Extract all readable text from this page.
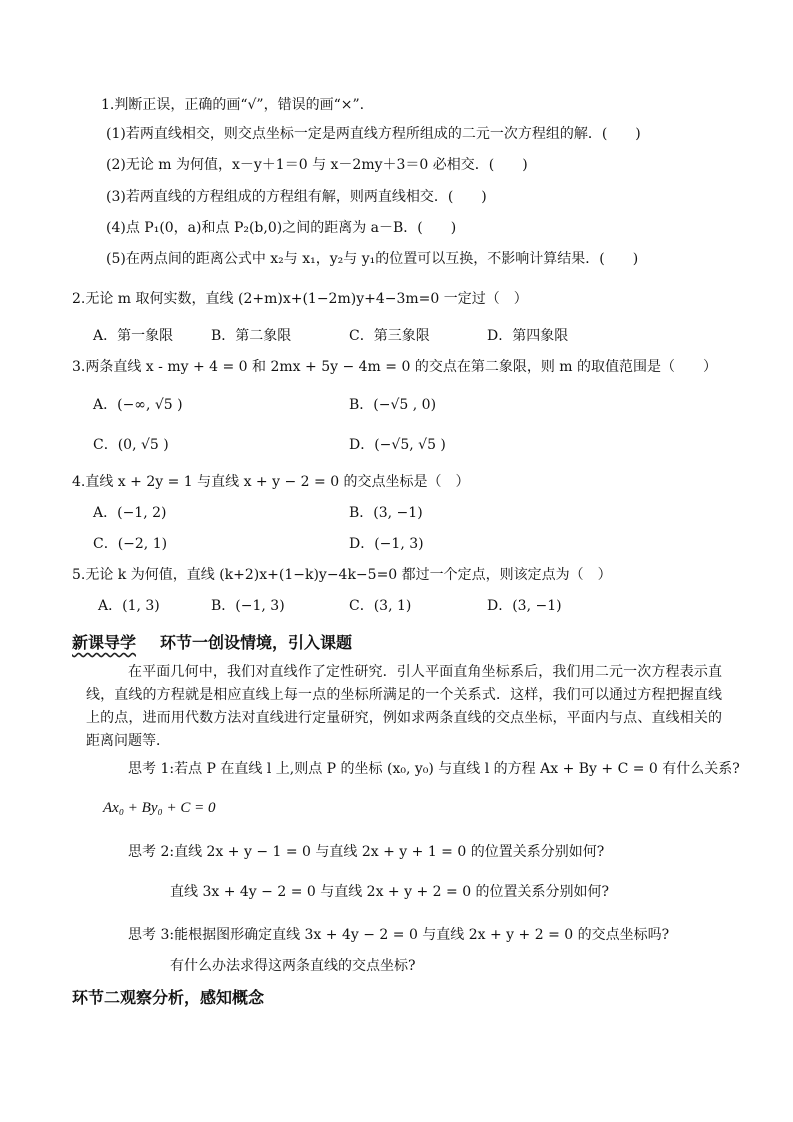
1.判断正误，正确的画“√”，错误的画“×”.
(1)若两直线相交，则交点坐标一定是两直线方程所组成的二元一次方程组的解．(　　)
(2)无论 m 为何值，x－y＋1＝0 与 x－2my＋3＝0 必相交．(　　)
(3)若两直线的方程组成的方程组有解，则两直线相交．(　　)
(4)点 P₁(0，a)和点 P₂(b,0)之间的距离为 a－B．(　　)
(5)在两点间的距离公式中 x₂与 x₁，y₂与 y₁的位置可以互换，不影响计算结果．(　　)
2.无论 m 取何实数，直线 (2+m)x+(1−2m)y+4−3m=0 一定过（　）
A．第一象限	B．第二象限	C．第三象限	D．第四象限
3.两条直线 x - my + 4 = 0 和 2mx + 5y − 4m = 0 的交点在第二象限，则 m 的取值范围是（　　）
A．(−∞, √5 )	B．(−√5 , 0)
C．(0, √5 )	D．(−√5, √5 )
4.直线 x + 2y = 1 与直线 x + y − 2 = 0 的交点坐标是（　）
A．(−1, 2)	B．(3, −1)
C．(−2, 1)	D．(−1, 3)
5.无论 k 为何值，直线 (k+2)x+(1−k)y−4k−5=0 都过一个定点，则该定点为（　）
A．(1, 3)	B．(−1, 3)	C．(3, 1)	D．(3, −1)
新课导学 环节一创设情境，引入课题
在平面几何中，我们对直线作了定性研究．引人平面直角坐标系后，我们用二元一次方程表示直线，直线的方程就是相应直线上每一点的坐标所满足的一个关系式．这样，我们可以通过方程把握直线上的点，进而用代数方法对直线进行定量研究，例如求两条直线的交点坐标，平面内与点、直线相关的距离问题等．
思考 1:若点 P 在直线 l 上,则点 P 的坐标 (x₀, y₀) 与直线 l 的方程 Ax + By + C = 0 有什么关系?
Ax₀ + By₀ + C = 0
思考 2:直线 2x + y − 1 = 0 与直线 2x + y + 1 = 0 的位置关系分别如何?
直线 3x + 4y − 2 = 0 与直线 2x + y + 2 = 0 的位置关系分别如何?
思考 3:能根据图形确定直线 3x + 4y − 2 = 0 与直线 2x + y + 2 = 0 的交点坐标吗?
有什么办法求得这两条直线的交点坐标?
环节二观察分析，感知概念
